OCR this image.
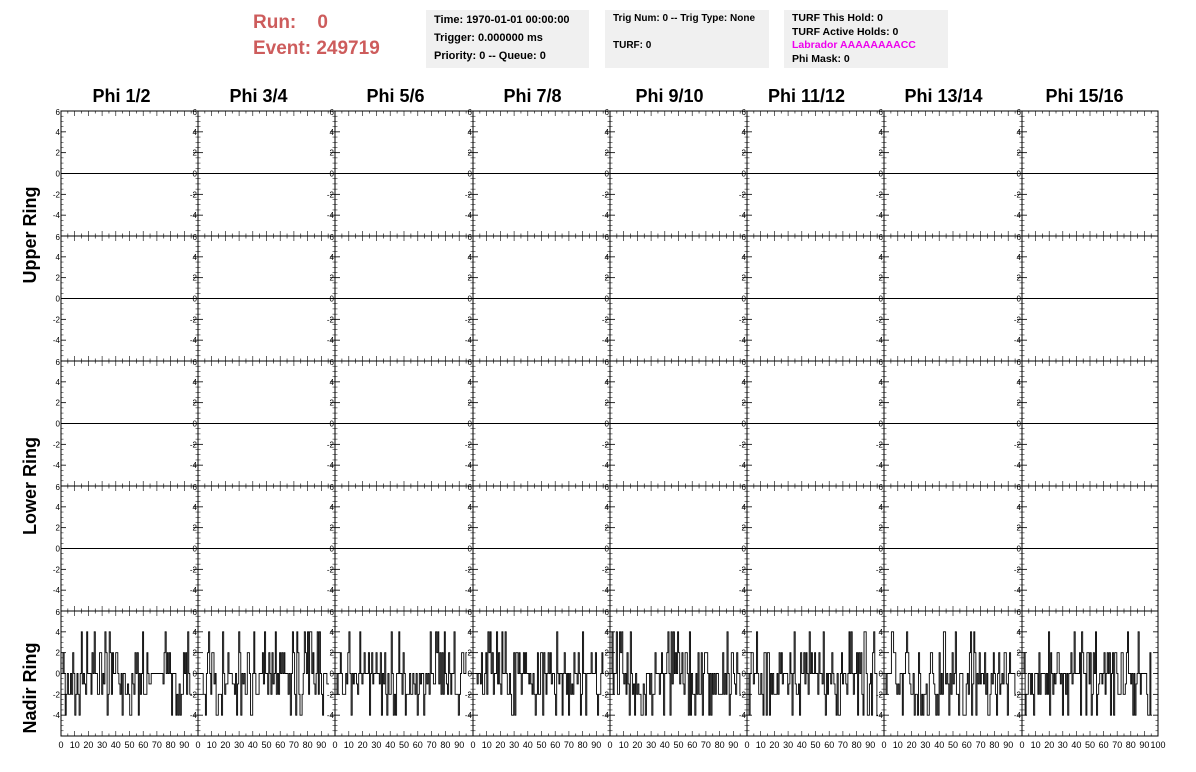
Run: 0
Event: 249719
Time: 1970-01-01 00:00:00
Trigger: 0.000000 ms
Priority: 0 -- Queue: 0
Trig Num: 0 -- Trig Type: None
TURF: 0
TURF This Hold: 0
TURF Active Holds: 0
Labrador AAAAAAAACC
Phi Mask: 0
Phi 1/2	Phi 3/4	Phi 5/6	Phi 7/8	Phi 9/10	Phi 11/12	Phi 13/14	Phi 15/16
Upper Ring
Lower Ring
Nadir Ring
-4
-2
0
2
4
6
-4
-2
0
2
4
6
-4
-2
0
2
4
6
-4
-2
0
2
4
6
-4
-2
0
2
4
6
-4
-2
0
2
4
6
-4
-2
0
2
4
6
-4
-2
0
2
4
6
-4
-2
0
2
4
6
-4
-2
0
2
4
6
-4
-2
0
2
4
6
-4
-2
0
2
4
6
-4
-2
0
2
4
6
-4
-2
0
2
4
6
-4
-2
0
2
4
6
-4
-2
0
2
4
6
-4
-2
0
2
4
6
-4
-2
0
2
4
6
-4
-2
0
2
4
6
-4
-2
0
2
4
6
-4
-2
0
2
4
6
-4
-2
0
2
4
6
-4
-2
0
2
4
6
-4
-2
0
2
4
6
-4
-2
0
2
4
6
-4
-2
0
2
4
6
-4
-2
0
2
4
6
-4
-2
0
2
4
6
-4
-2
0
2
4
6
-4
-2
0
2
4
6
-4
-2
0
2
4
6
-4
-2
0
2
4
6
-4
-2
0
2
4
6
-4
-2
0
2
4
6
-4
-2
0
2
4
6
-4
-2
0
2
4
6
-4
-2
0
2
4
6
-4
-2
0
2
4
6
-4
-2
0
2
4
6
-4
-2
0
2
4
6
0 10 20 30 40 50 60 70 80 90 0 10 20 30 40 50 60 70 80 90 0 10 20 30 40 50 60 70 80 90 0 10 20 30 40 50 60 70 80 90 0 10 20 30 40 50 60 70 80 90 0 10 20 30 40 50 60 70 80 90 0 10 20 30 40 50 60 70 80 90 0 10 20 30 40 50 60 70 80 90 100
